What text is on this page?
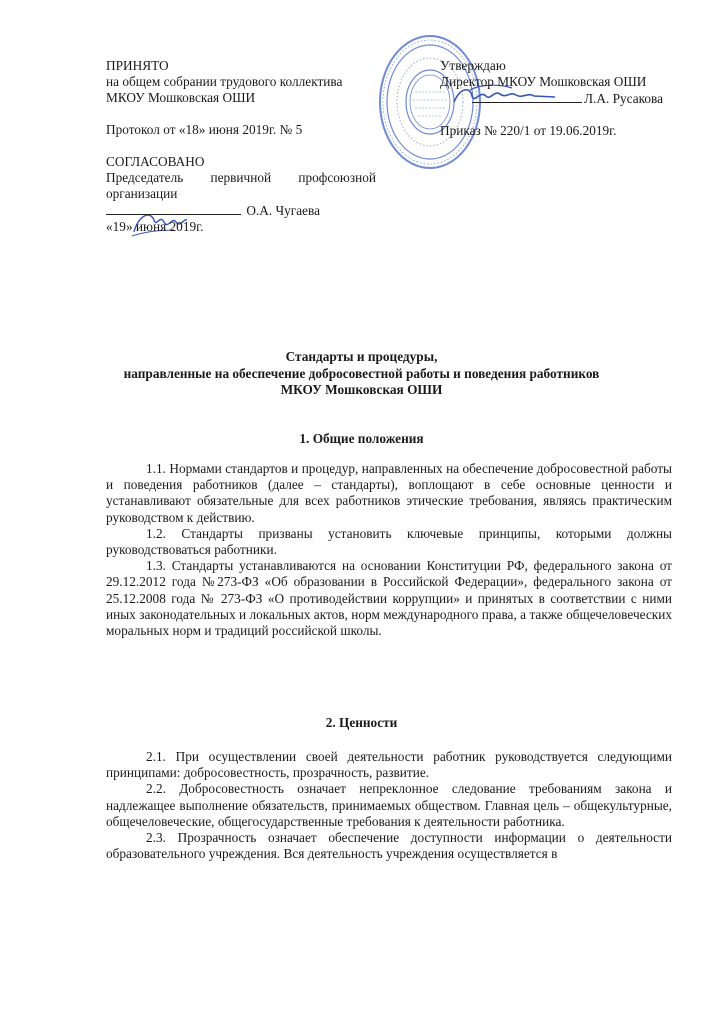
ПРИНЯТО
на общем собрании трудового коллектива
МКОУ Мошковская ОШИ
Протокол от «18» июня 2019г. № 5
СОГЛАСОВАНО
Председатель первичной профсоюзной
организации
О.А. Чугаева
«19» июня 2019г.
Утверждаю
Директор МКОУ Мошковская ОШИ
Л.А. Русакова
Приказ № 220/1 от 19.06.2019г.
Стандарты и процедуры,
направленные на обеспечение добросовестной работы и поведения работников
МКОУ Мошковская ОШИ
1. Общие положения

1.1. Нормами стандартов и процедур, направленных на обеспечение добросовестной работы и поведения работников (далее – стандарты), воплощают в себе основные ценности и устанавливают обязательные для всех работников этические требования, являясь практическим руководством к действию.

1.2. Стандарты призваны установить ключевые принципы, которыми должны руководствоваться работники.

1.3. Стандарты устанавливаются на основании Конституции РФ, федерального закона от 29.12.2012 года №273-ФЗ «Об образовании в Российской Федерации», федерального закона от 25.12.2008 года № 273-ФЗ «О противодействии коррупции» и принятых в соответствии с ними иных законодательных и локальных актов, норм международного права, а также общечеловеческих моральных норм и традиций российской школы.

2. Ценности

2.1. При осуществлении своей деятельности работник руководствуется следующими принципами: добросовестность, прозрачность, развитие.

2.2. Добросовестность означает непреклонное следование требованиям закона и надлежащее выполнение обязательств, принимаемых обществом. Главная цель – общекультурные, общечеловеческие, общегосударственные требования к деятельности работника.

2.3. Прозрачность означает обеспечение доступности информации о деятельности образовательного учреждения. Вся деятельность учреждения осуществляется в
